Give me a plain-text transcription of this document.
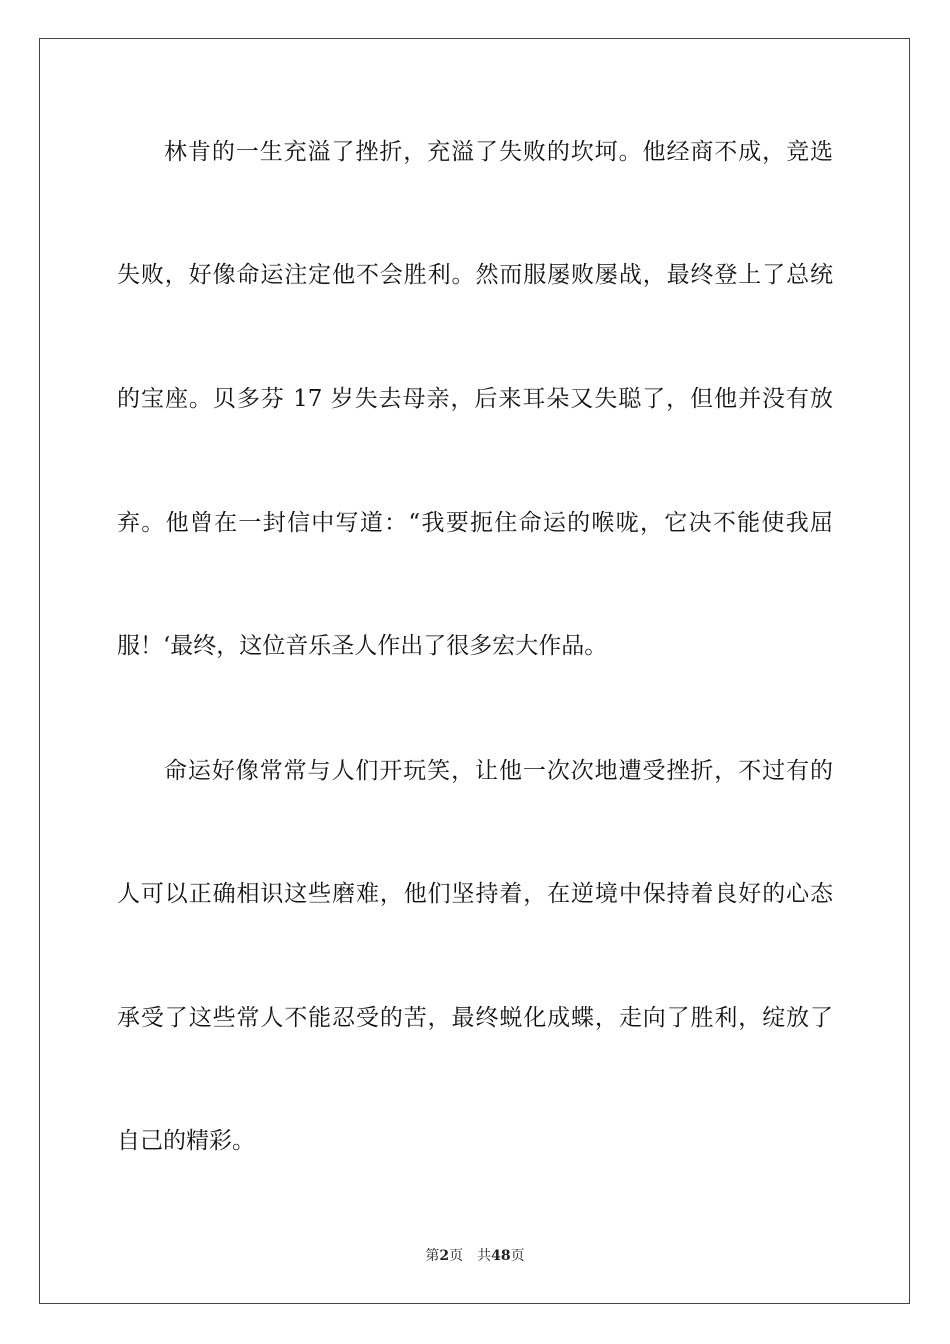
林肯的一生充溢了挫折，充溢了失败的坎坷。他经商不成，竞选
失败，好像命运注定他不会胜利。然而服屡败屡战，最终登上了总统
的宝座。贝多芬 17 岁失去母亲，后来耳朵又失聪了，但他并没有放
弃。他曾在一封信中写道：“我要扼住命运的喉咙，它决不能使我屈
服！‘最终，这位音乐圣人作出了很多宏大作品。
命运好像常常与人们开玩笑，让他一次次地遭受挫折，不过有的
人可以正确相识这些磨难，他们坚持着，在逆境中保持着良好的心态
承受了这些常人不能忍受的苦，最终蜕化成蝶，走向了胜利，绽放了
自己的精彩。
第2页　共48页
